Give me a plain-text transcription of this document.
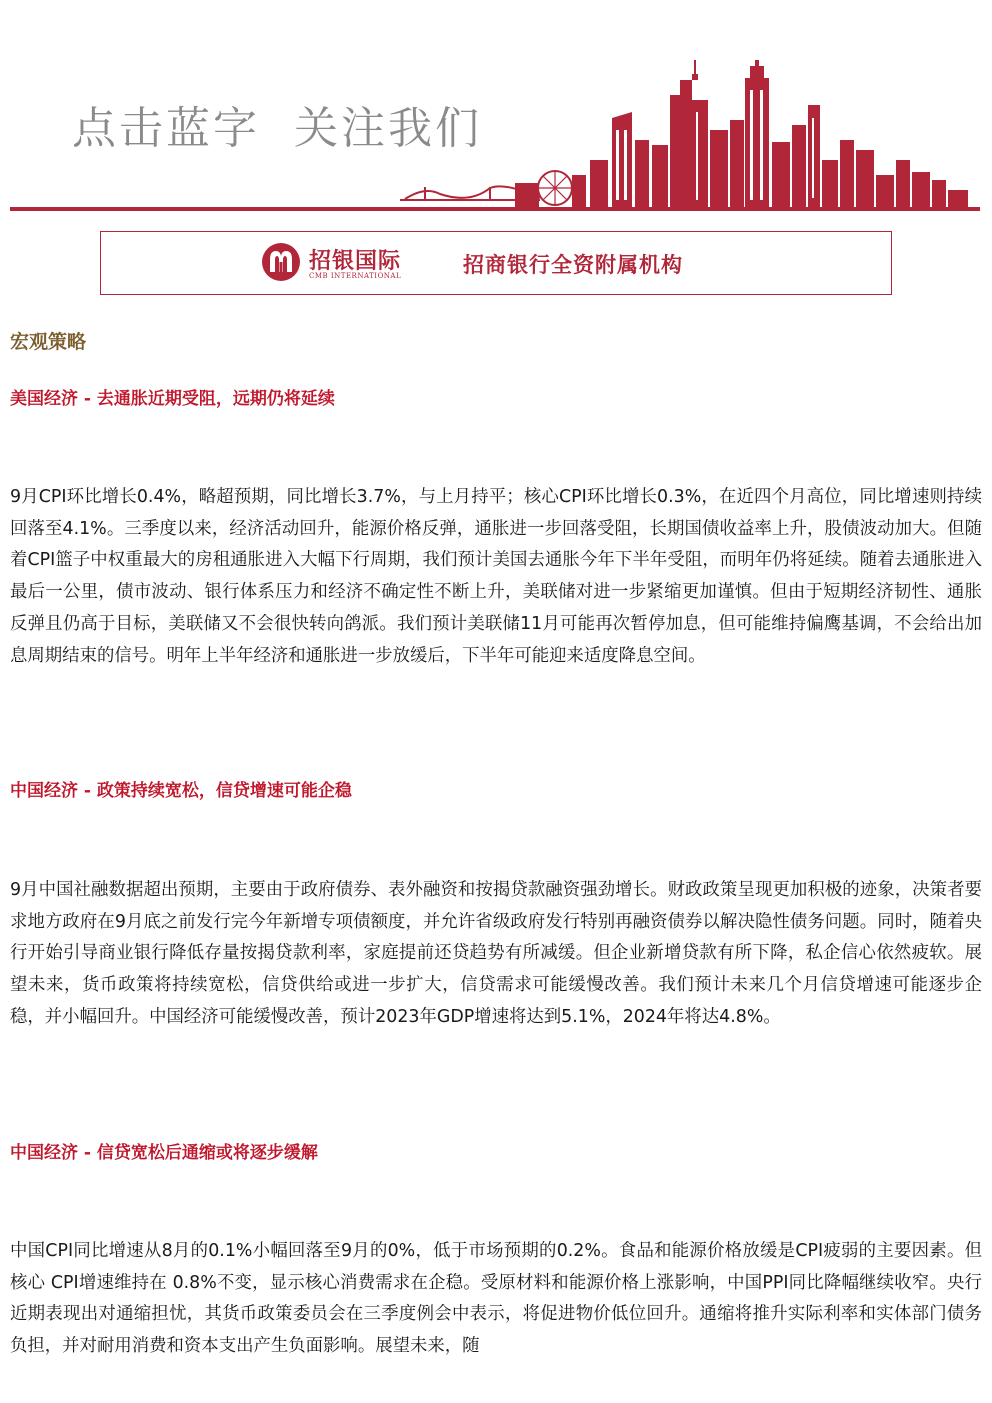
点击蓝字  关注我们
招银国际
CMB INTERNATIONAL	招商银行全资附属机构
宏观策略
美国经济 - 去通胀近期受阻，远期仍将延续

9月CPI环比增长0.4%，略超预期，同比增长3.7%，与上月持平；核心CPI环比增长0.3%，在近四个月高位，同比增速则持续回落至4.1%。三季度以来，经济活动回升，能源价格反弹，通胀进一步回落受阻，长期国债收益率上升，股债波动加大。但随着CPI篮子中权重最大的房租通胀进入大幅下行周期，我们预计美国去通胀今年下半年受阻，而明年仍将延续。随着去通胀进入最后一公里，债市波动、银行体系压力和经济不确定性不断上升，美联储对进一步紧缩更加谨慎。但由于短期经济韧性、通胀反弹且仍高于目标，美联储又不会很快转向鸽派。我们预计美联储11月可能再次暂停加息，但可能维持偏鹰基调，不会给出加息周期结束的信号。明年上半年经济和通胀进一步放缓后，下半年可能迎来适度降息空间。

中国经济 - 政策持续宽松，信贷增速可能企稳

9月中国社融数据超出预期，主要由于政府债券、表外融资和按揭贷款融资强劲增长。财政政策呈现更加积极的迹象，决策者要求地方政府在9月底之前发行完今年新增专项债额度，并允许省级政府发行特别再融资债券以解决隐性债务问题。同时，随着央行开始引导商业银行降低存量按揭贷款利率，家庭提前还贷趋势有所减缓。但企业新增贷款有所下降，私企信心依然疲软。展望未来，货币政策将持续宽松，信贷供给或进一步扩大，信贷需求可能缓慢改善。我们预计未来几个月信贷增速可能逐步企稳，并小幅回升。中国经济可能缓慢改善，预计2023年GDP增速将达到5.1%，2024年将达4.8%。

中国经济 - 信贷宽松后通缩或将逐步缓解

中国CPI同比增速从8月的0.1%小幅回落至9月的0%，低于市场预期的0.2%。食品和能源价格放缓是CPI疲弱的主要因素。但核心 CPI增速维持在 0.8%不变，显示核心消费需求在企稳。受原材料和能源价格上涨影响，中国PPI同比降幅继续收窄。央行近期表现出对通缩担忧，其货币政策委员会在三季度例会中表示，将促进物价低位回升。通缩将推升实际利率和实体部门债务负担，并对耐用消费和资本支出产生负面影响。展望未来，随
